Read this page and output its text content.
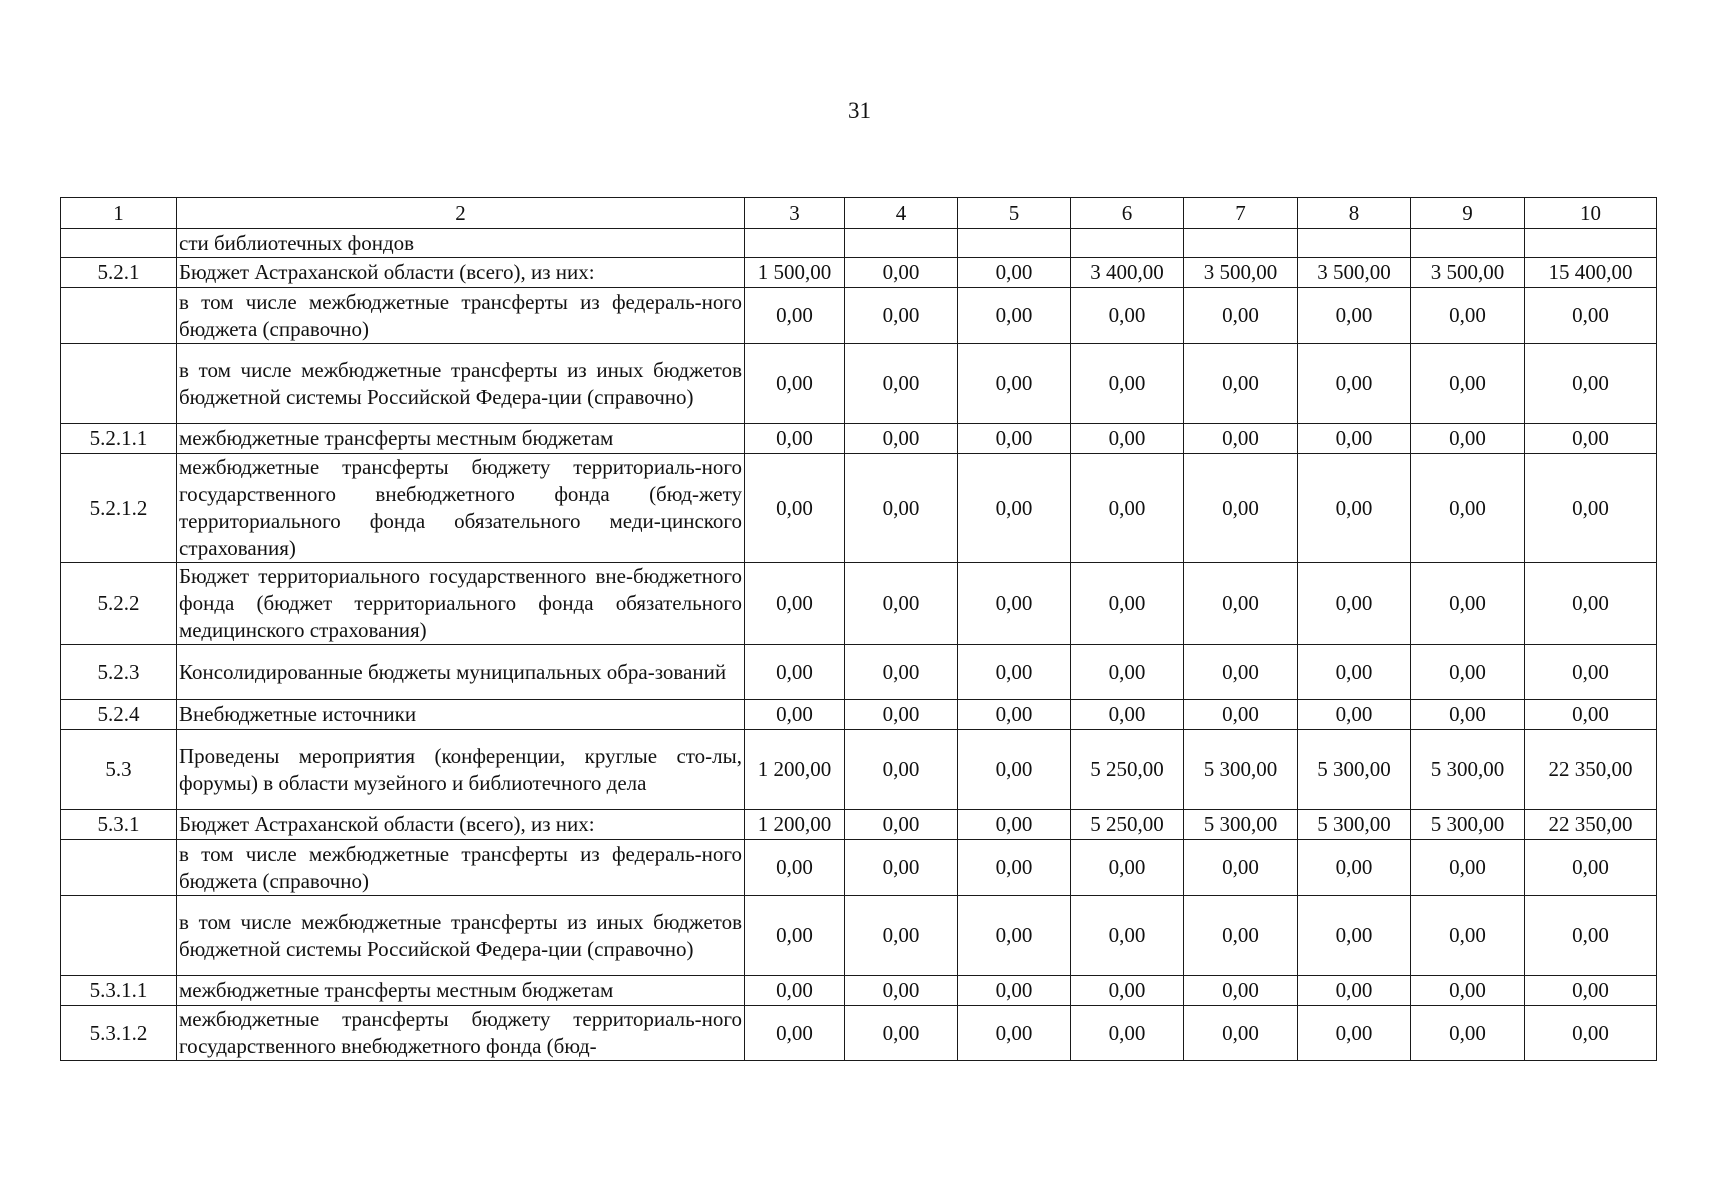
31
1	2	3	4	5	6	7	8	9	10
	сти библиотечных фондов								
5.2.1	Бюджет Астраханской области (всего), из них:	1 500,00	0,00	0,00	3 400,00	3 500,00	3 500,00	3 500,00	15 400,00
	в том числе межбюджетные трансферты из федераль-ного бюджета (справочно)	0,00	0,00	0,00	0,00	0,00	0,00	0,00	0,00
	в том числе межбюджетные трансферты из иных бюджетов бюджетной системы Российской Федера-ции (справочно)	0,00	0,00	0,00	0,00	0,00	0,00	0,00	0,00
5.2.1.1	межбюджетные трансферты местным бюджетам	0,00	0,00	0,00	0,00	0,00	0,00	0,00	0,00
5.2.1.2	межбюджетные трансферты бюджету территориаль-ного государственного внебюджетного фонда (бюд-жету территориального фонда обязательного меди-цинского страхования)	0,00	0,00	0,00	0,00	0,00	0,00	0,00	0,00
5.2.2	Бюджет территориального государственного вне-бюджетного фонда (бюджет территориального фонда обязательного медицинского страхования)	0,00	0,00	0,00	0,00	0,00	0,00	0,00	0,00
5.2.3	Консолидированные бюджеты муниципальных обра-зований	0,00	0,00	0,00	0,00	0,00	0,00	0,00	0,00
5.2.4	Внебюджетные источники	0,00	0,00	0,00	0,00	0,00	0,00	0,00	0,00
5.3	Проведены мероприятия (конференции, круглые сто-лы, форумы) в области музейного и библиотечного дела	1 200,00	0,00	0,00	5 250,00	5 300,00	5 300,00	5 300,00	22 350,00
5.3.1	Бюджет Астраханской области (всего), из них:	1 200,00	0,00	0,00	5 250,00	5 300,00	5 300,00	5 300,00	22 350,00
	в том числе межбюджетные трансферты из федераль-ного бюджета (справочно)	0,00	0,00	0,00	0,00	0,00	0,00	0,00	0,00
	в том числе межбюджетные трансферты из иных бюджетов бюджетной системы Российской Федера-ции (справочно)	0,00	0,00	0,00	0,00	0,00	0,00	0,00	0,00
5.3.1.1	межбюджетные трансферты местным бюджетам	0,00	0,00	0,00	0,00	0,00	0,00	0,00	0,00
5.3.1.2	межбюджетные трансферты бюджету территориаль-ного государственного внебюджетного фонда (бюд-	0,00	0,00	0,00	0,00	0,00	0,00	0,00	0,00
